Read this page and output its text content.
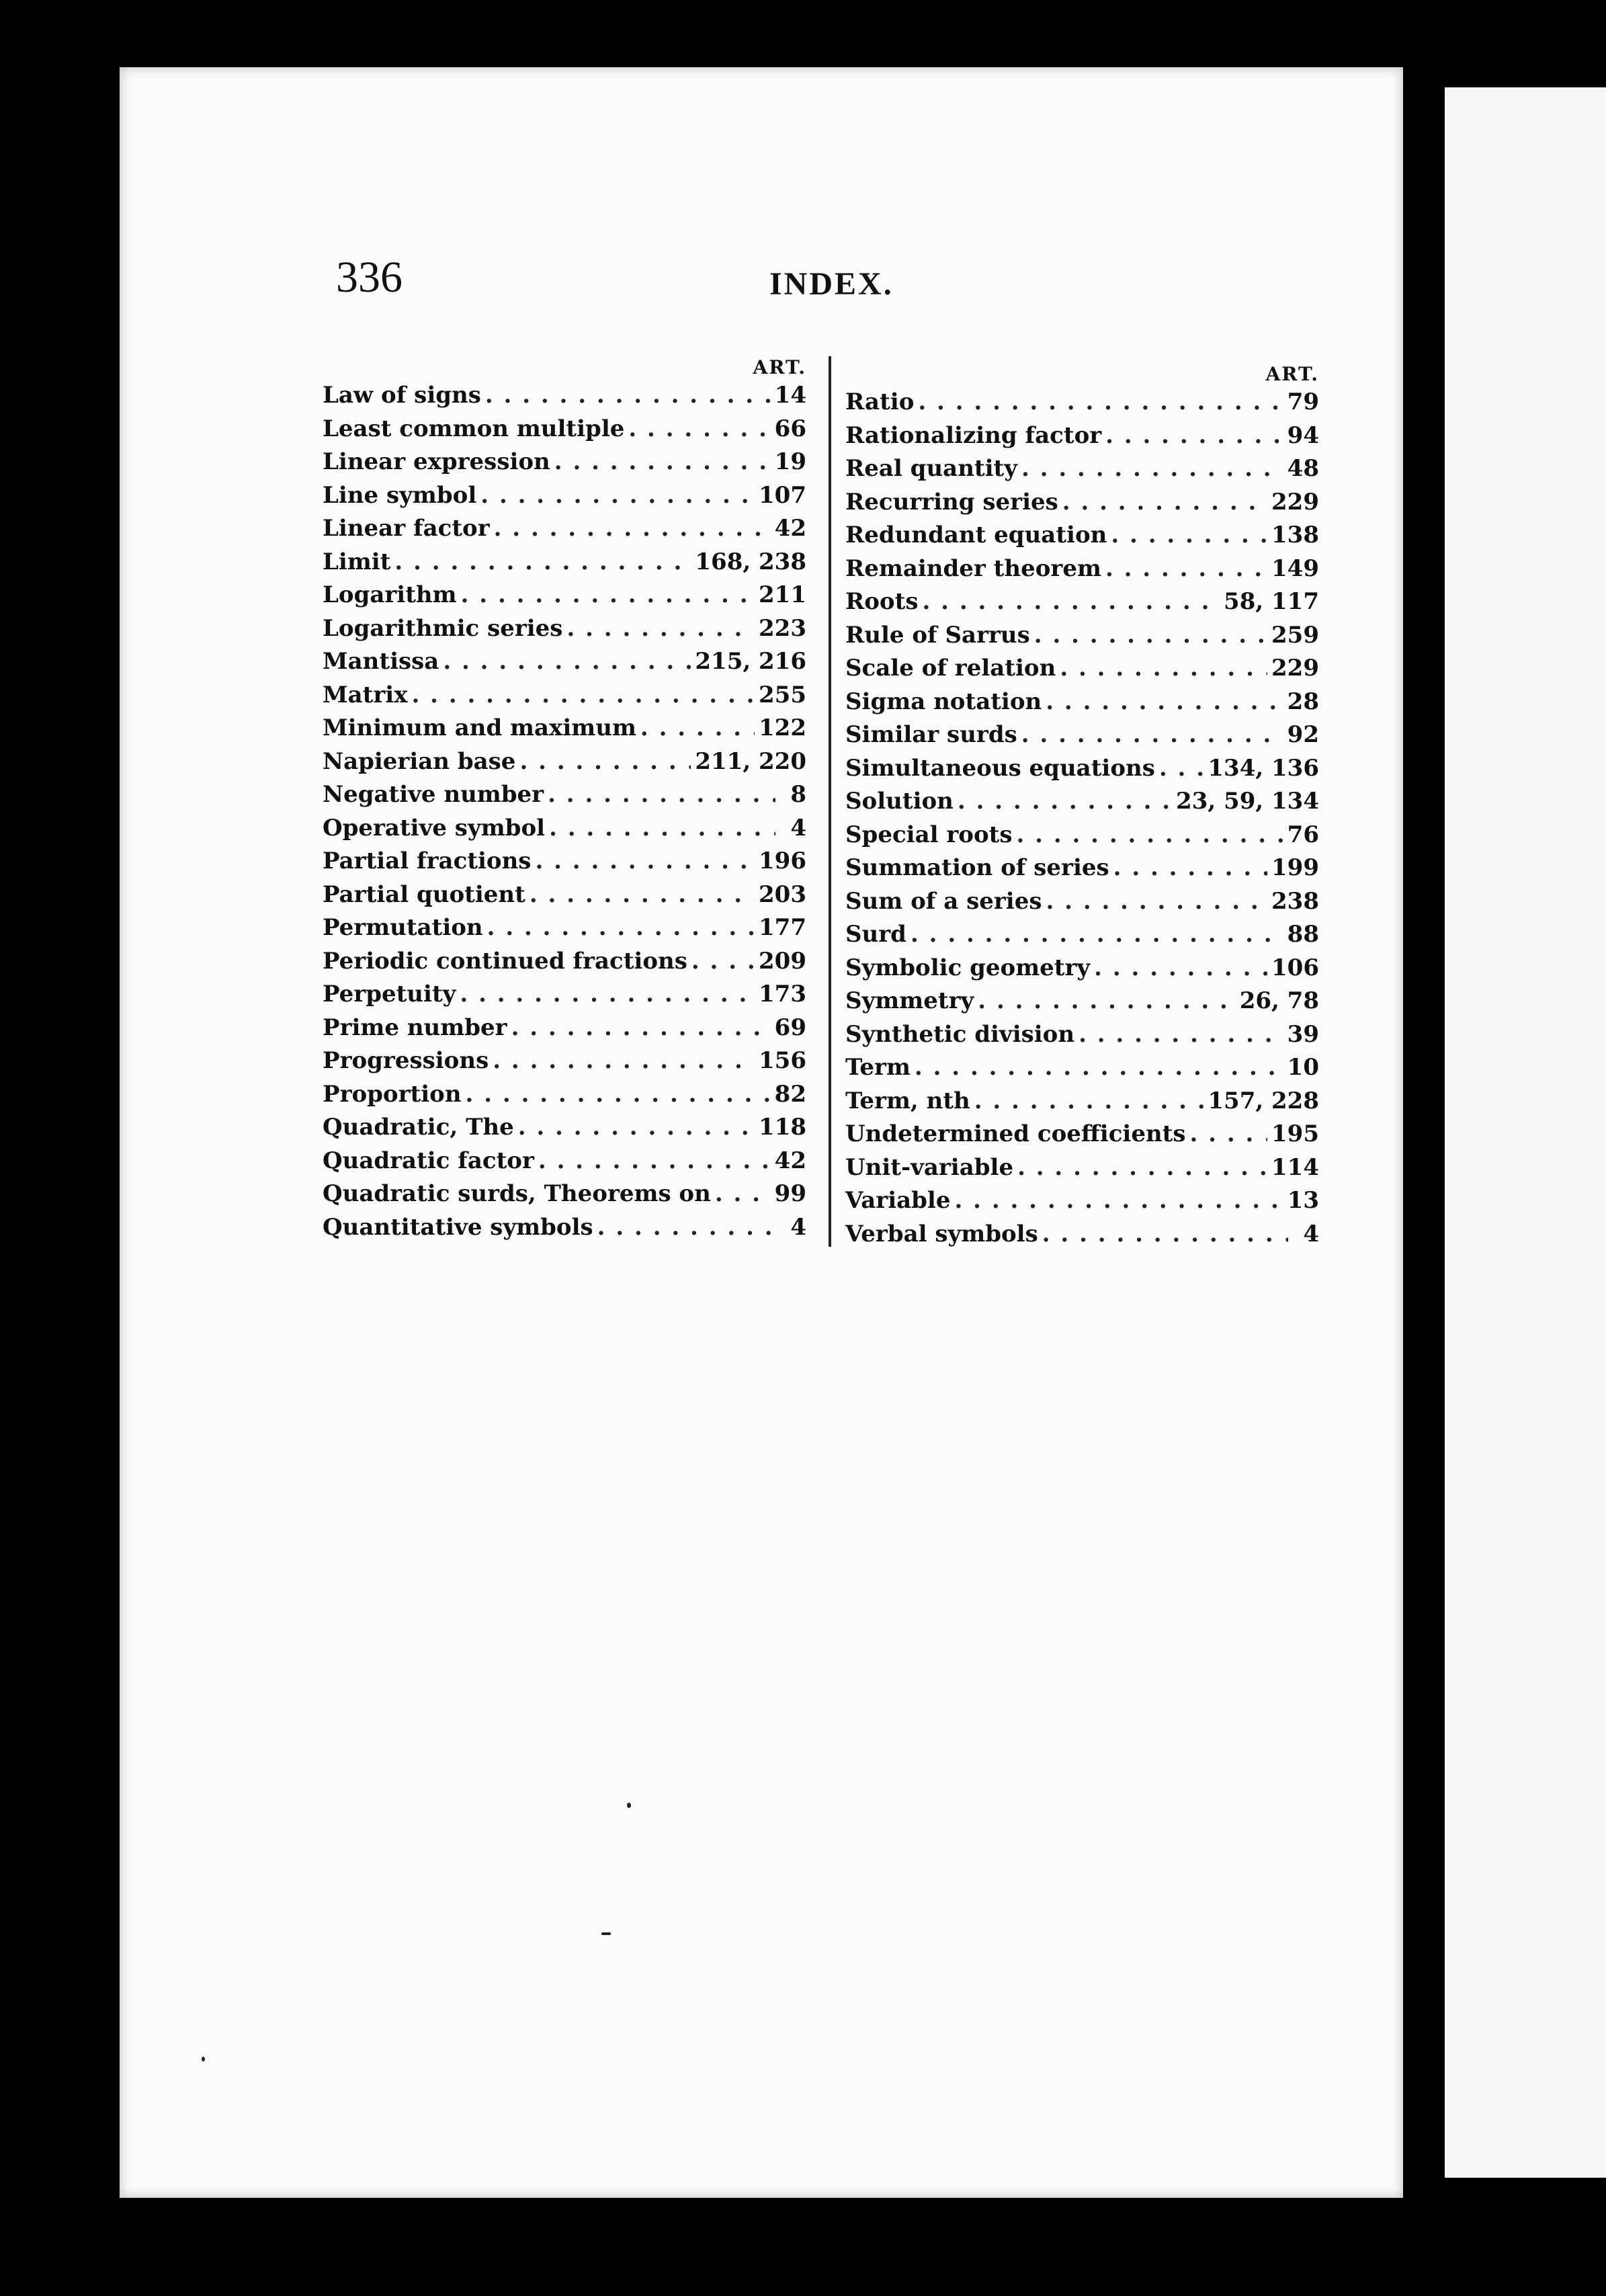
336	INDEX.
ART.
Law of signs . . .	14
Least common multiple . . .	66
Linear expression . . .	19
Line symbol . . .	107
Linear factor . . .	42
Limit . . .	168, 238
Logarithm . . .	211
Logarithmic series . . .	223
Mantissa . . .	215, 216
Matrix . . .	255
Minimum and maximum . . .	122
Napierian base . . .	211, 220
Negative number . . .	8
Operative symbol . . .	4
Partial fractions . . .	196
Partial quotient . . .	203
Permutation . . .	177
Periodic continued fractions . . .	209
Perpetuity . . .	173
Prime number . . .	69
Progressions . . .	156
Proportion . . .	82
Quadratic, The . . .	118
Quadratic factor . . .	42
Quadratic surds, Theorems on . . .	99
Quantitative symbols . . .	4
ART.
Ratio . . .	79
Rationalizing factor . . .	94
Real quantity . . .	48
Recurring series . . .	229
Redundant equation . . .	138
Remainder theorem . . .	149
Roots . . .	58, 117
Rule of Sarrus . . .	259
Scale of relation . . .	229
Sigma notation . . .	28
Similar surds . . .	92
Simultaneous equations . . . 134, 136
Solution . . .	23, 59, 134
Special roots . . .	76
Summation of series . . .	199
Sum of a series . . .	238
Surd . . .	88
Symbolic geometry . . .	106
Symmetry . . .	26, 78
Synthetic division . . .	39
Term . . .	10
Term, nth . . .	157, 228
Undetermined coefficients . . .	195
Unit-variable . . .	114
Variable . . .	13
Verbal symbols . . .	4
